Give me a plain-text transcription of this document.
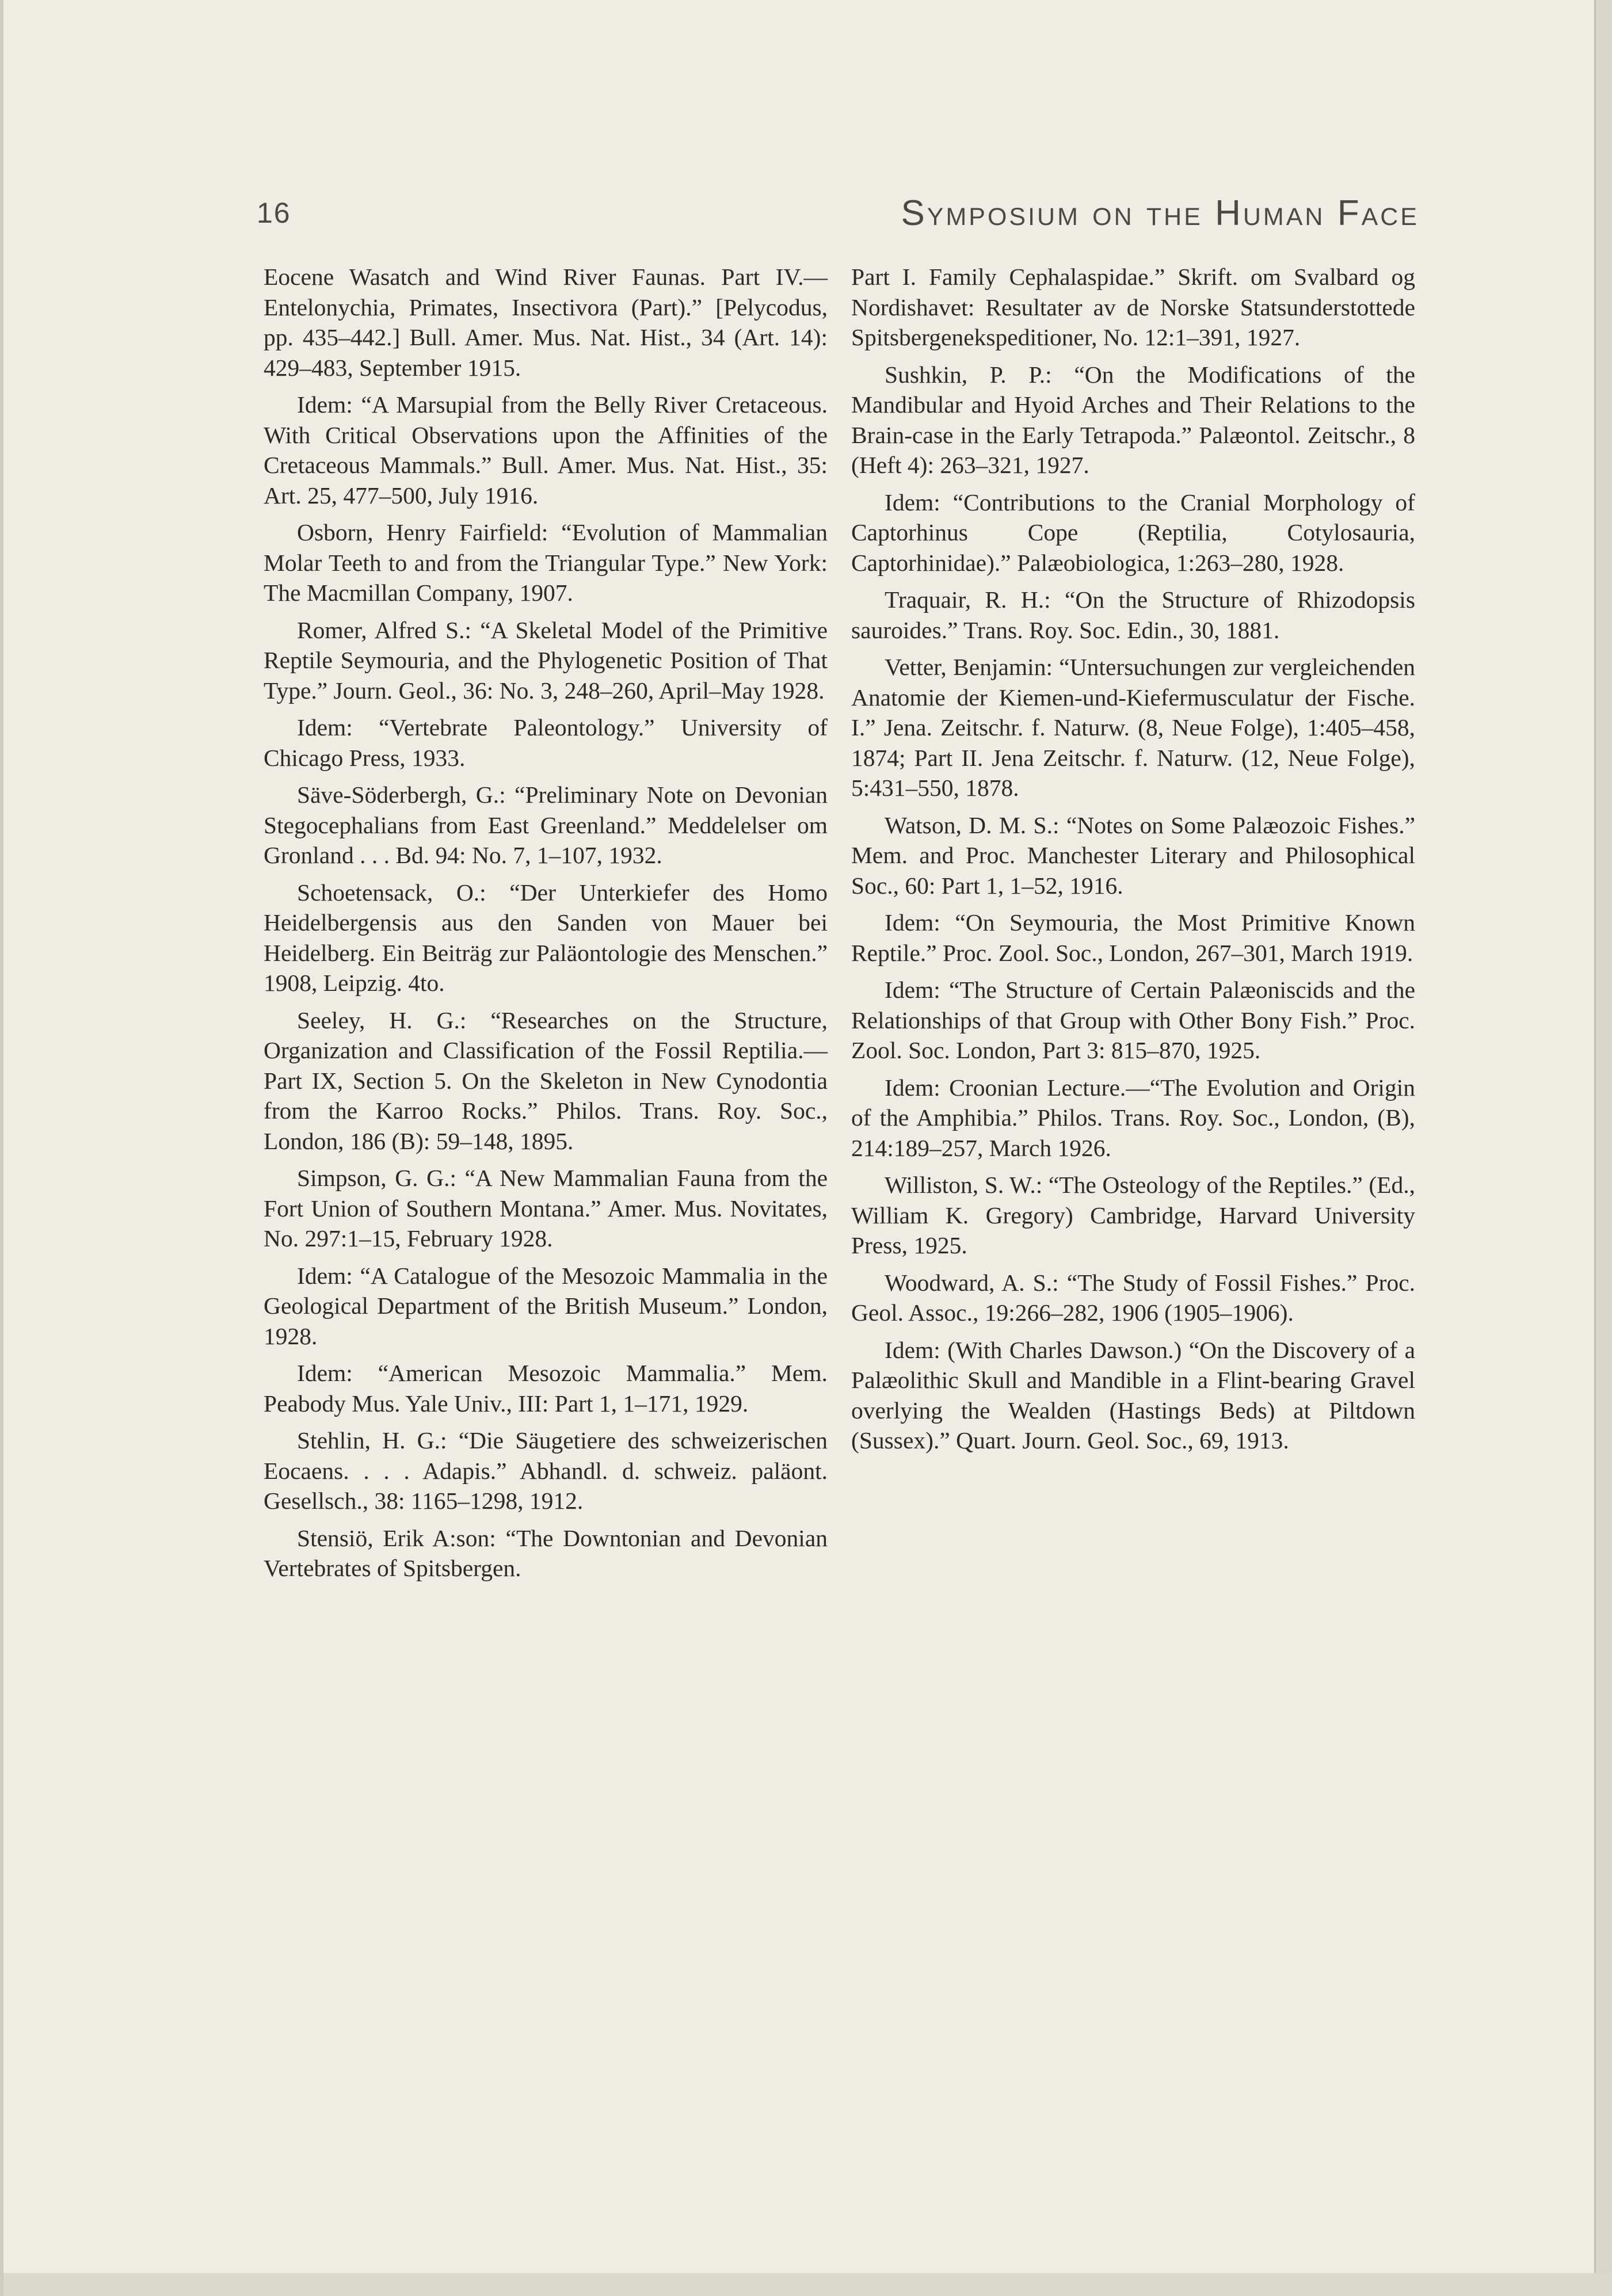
16	Symposium on the Human Face

Eocene Wasatch and Wind River Faunas. Part IV.—Entelonychia, Primates, Insectivora (Part).” [Pelycodus, pp. 435–442.] Bull. Amer. Mus. Nat. Hist., 34 (Art. 14): 429–483, September 1915.

Idem: “A Marsupial from the Belly River Cretaceous. With Critical Observations upon the Affinities of the Cretaceous Mammals.” Bull. Amer. Mus. Nat. Hist., 35: Art. 25, 477–500, July 1916.

Osborn, Henry Fairfield: “Evolution of Mammalian Molar Teeth to and from the Triangular Type.” New York: The Macmillan Company, 1907.

Romer, Alfred S.: “A Skeletal Model of the Primitive Reptile Seymouria, and the Phylogenetic Position of That Type.” Journ. Geol., 36: No. 3, 248–260, April–May 1928.

Idem: “Vertebrate Paleontology.” University of Chicago Press, 1933.

Säve-Söderbergh, G.: “Preliminary Note on Devonian Stegocephalians from East Greenland.” Meddelelser om Gronland . . . Bd. 94: No. 7, 1–107, 1932.

Schoetensack, O.: “Der Unterkiefer des Homo Heidelbergensis aus den Sanden von Mauer bei Heidelberg. Ein Beiträg zur Paläontologie des Menschen.” 1908, Leipzig. 4to.

Seeley, H. G.: “Researches on the Structure, Organization and Classification of the Fossil Reptilia.—Part IX, Section 5. On the Skeleton in New Cynodontia from the Karroo Rocks.” Philos. Trans. Roy. Soc., London, 186 (B): 59–148, 1895.

Simpson, G. G.: “A New Mammalian Fauna from the Fort Union of Southern Montana.” Amer. Mus. Novitates, No. 297:1–15, February 1928.

Idem: “A Catalogue of the Mesozoic Mammalia in the Geological Department of the British Museum.” London, 1928.

Idem: “American Mesozoic Mammalia.” Mem. Peabody Mus. Yale Univ., III: Part 1, 1–171, 1929.

Stehlin, H. G.: “Die Säugetiere des schweizerischen Eocaens. . . . Adapis.” Abhandl. d. schweiz. paläont. Gesellsch., 38: 1165–1298, 1912.

Stensiö, Erik A:son: “The Downtonian and Devonian Vertebrates of Spitsbergen.

Part I. Family Cephalaspidae.” Skrift. om Svalbard og Nordishavet: Resultater av de Norske Statsunderstottede Spitsbergenekspeditioner, No. 12:1–391, 1927.

Sushkin, P. P.: “On the Modifications of the Mandibular and Hyoid Arches and Their Relations to the Brain-case in the Early Tetrapoda.” Palæontol. Zeitschr., 8 (Heft 4): 263–321, 1927.

Idem: “Contributions to the Cranial Morphology of Captorhinus Cope (Reptilia, Cotylosauria, Captorhinidae).” Palæobiologica, 1:263–280, 1928.

Traquair, R. H.: “On the Structure of Rhizodopsis sauroides.” Trans. Roy. Soc. Edin., 30, 1881.

Vetter, Benjamin: “Untersuchungen zur vergleichenden Anatomie der Kiemen-und-Kiefermusculatur der Fische. I.” Jena. Zeitschr. f. Naturw. (8, Neue Folge), 1:405–458, 1874; Part II. Jena Zeitschr. f. Naturw. (12, Neue Folge), 5:431–550, 1878.

Watson, D. M. S.: “Notes on Some Palæozoic Fishes.” Mem. and Proc. Manchester Literary and Philosophical Soc., 60: Part 1, 1–52, 1916.

Idem: “On Seymouria, the Most Primitive Known Reptile.” Proc. Zool. Soc., London, 267–301, March 1919.

Idem: “The Structure of Certain Palæoniscids and the Relationships of that Group with Other Bony Fish.” Proc. Zool. Soc. London, Part 3: 815–870, 1925.

Idem: Croonian Lecture.—“The Evolution and Origin of the Amphibia.” Philos. Trans. Roy. Soc., London, (B), 214:189–257, March 1926.

Williston, S. W.: “The Osteology of the Reptiles.” (Ed., William K. Gregory) Cambridge, Harvard University Press, 1925.

Woodward, A. S.: “The Study of Fossil Fishes.” Proc. Geol. Assoc., 19:266–282, 1906 (1905–1906).

Idem: (With Charles Dawson.) “On the Discovery of a Palæolithic Skull and Mandible in a Flint-bearing Gravel overlying the Wealden (Hastings Beds) at Piltdown (Sussex).” Quart. Journ. Geol. Soc., 69, 1913.
